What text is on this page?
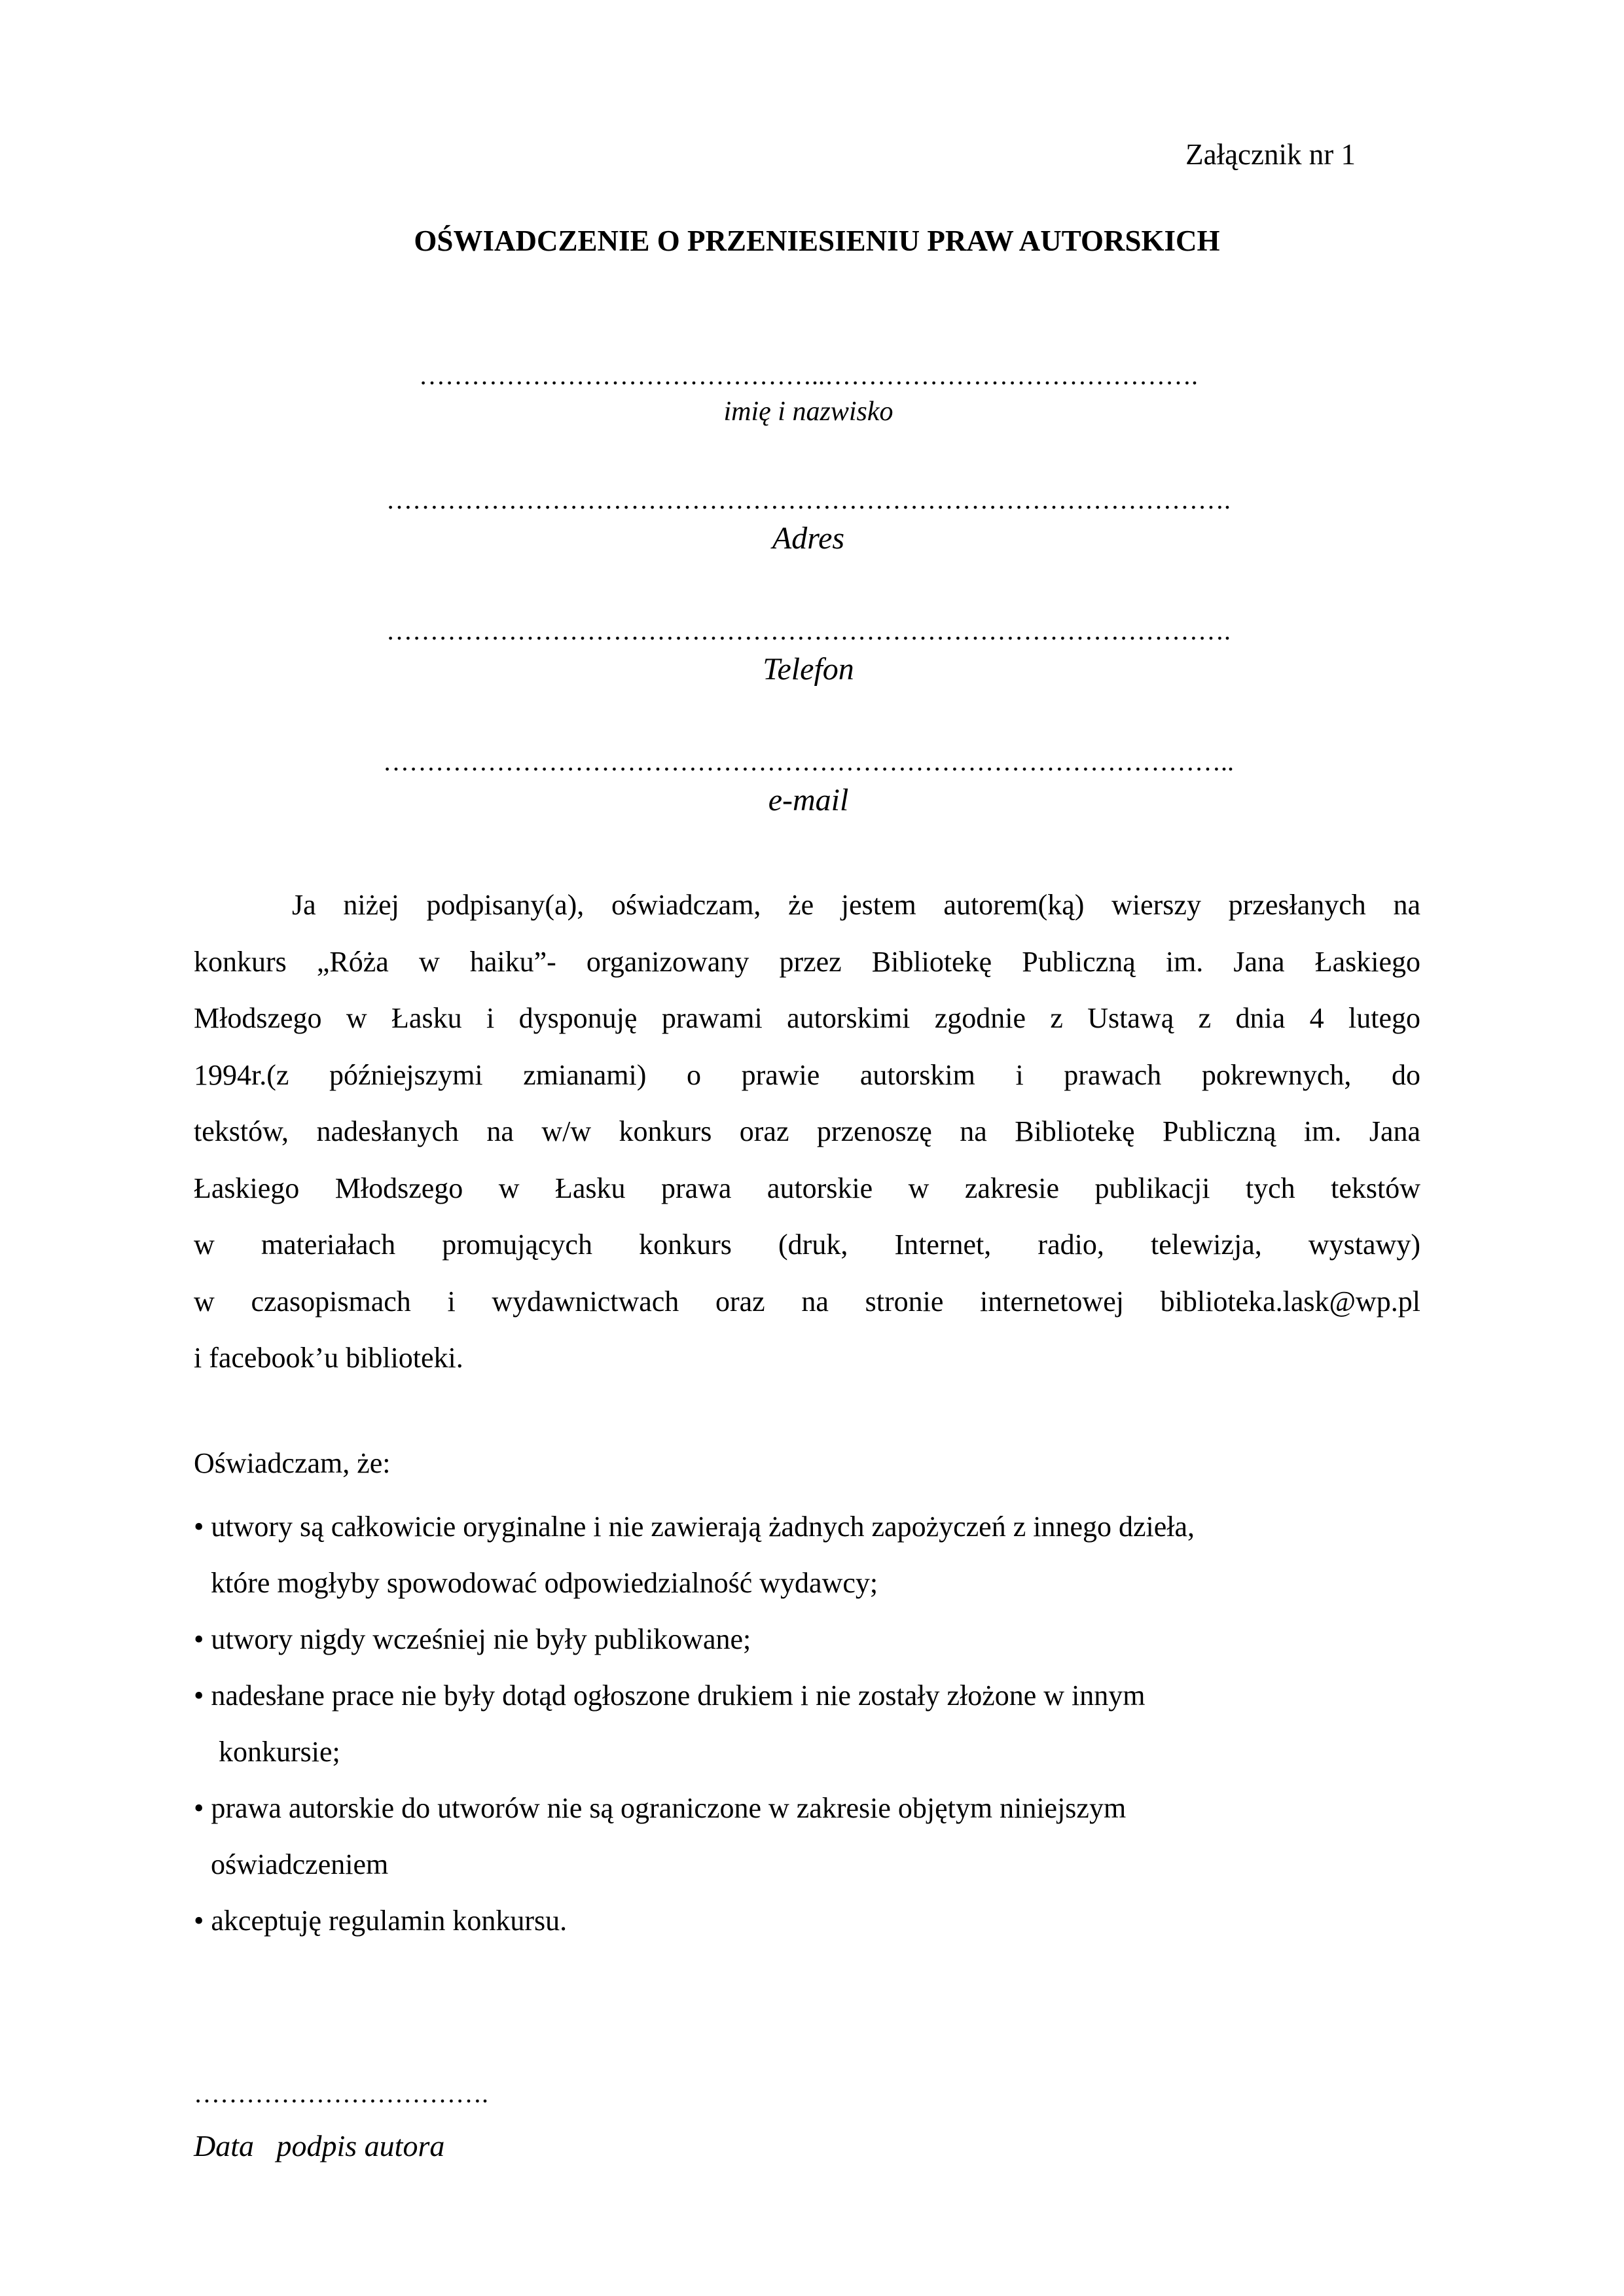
Załącznik nr 1
OŚWIADCZENIE O PRZENIESIENIU PRAW AUTORSKICH
………………………………………..…………………………………….
imię i nazwisko
…………………………………………………………………………………….
Adres
…………………………………………………………………………………….
Telefon
……………………………………………………………………………………..
e-mail
Ja niżej podpisany(a), oświadczam, że jestem autorem(ką) wierszy przesłanych na
konkurs „Róża w haiku”- organizowany przez Bibliotekę Publiczną im. Jana Łaskiego
Młodszego w Łasku i dysponuję prawami autorskimi zgodnie z Ustawą z dnia 4 lutego
1994r.(z późniejszymi zmianami) o prawie autorskim i prawach pokrewnych, do
tekstów, nadesłanych na w/w konkurs oraz przenoszę na Bibliotekę Publiczną im. Jana
Łaskiego Młodszego w Łasku prawa autorskie w zakresie publikacji tych tekstów
w materiałach promujących konkurs (druk, Internet, radio, telewizja, wystawy)
w czasopismach i wydawnictwach oraz na stronie internetowej biblioteka.lask@wp.pl
i facebook’u biblioteki.
Oświadczam, że:
• utwory są całkowicie oryginalne i nie zawierają żadnych zapożyczeń z innego dzieła,
które mogłyby spowodować odpowiedzialność wydawcy;
• utwory nigdy wcześniej nie były publikowane;
• nadesłane prace nie były dotąd ogłoszone drukiem i nie zostały złożone w innym
konkursie;
• prawa autorskie do utworów nie są ograniczone w zakresie objętym niniejszym
oświadczeniem
• akceptuję regulamin konkursu.
…………………………….
Data   podpis autora
